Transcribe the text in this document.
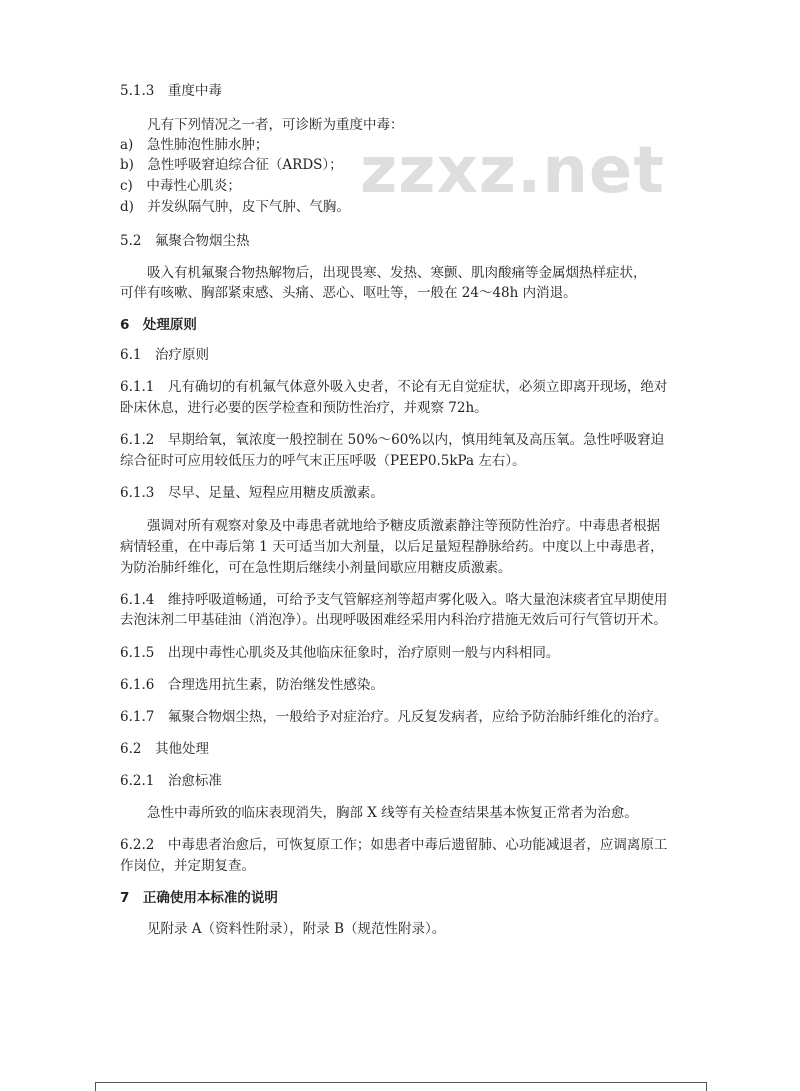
zzxz.net
5.1.3　重度中毒
凡有下列情况之一者，可诊断为重度中毒：
a)　急性肺泡性肺水肿；
b)　急性呼吸窘迫综合征（ARDS）；
c)　中毒性心肌炎；
d)　并发纵隔气肿，皮下气肿、气胸。
5.2　氟聚合物烟尘热
吸入有机氟聚合物热解物后，出现畏寒、发热、寒颤、肌肉酸痛等金属烟热样症状，
可伴有咳嗽、胸部紧束感、头痛、恶心、呕吐等，一般在 24～48h 内消退。
6　处理原则
6.1　治疗原则
6.1.1　凡有确切的有机氟气体意外吸入史者，不论有无自觉症状，必须立即离开现场，绝对
卧床休息，进行必要的医学检查和预防性治疗，并观察 72h。
6.1.2　早期给氧，氧浓度一般控制在 50%～60%以内，慎用纯氧及高压氧。急性呼吸窘迫
综合征时可应用较低压力的呼气末正压呼吸（PEEP0.5kPa 左右）。
6.1.3　尽早、足量、短程应用糖皮质激素。
强调对所有观察对象及中毒患者就地给予糖皮质激素静注等预防性治疗。中毒患者根据
病情轻重，在中毒后第 1 天可适当加大剂量，以后足量短程静脉给药。中度以上中毒患者，
为防治肺纤维化，可在急性期后继续小剂量间歇应用糖皮质激素。
6.1.4　维持呼吸道畅通，可给予支气管解痉剂等超声雾化吸入。咯大量泡沫痰者宜早期使用
去泡沫剂二甲基硅油（消泡净）。出现呼吸困难经采用内科治疗措施无效后可行气管切开术。
6.1.5　出现中毒性心肌炎及其他临床征象时，治疗原则一般与内科相同。
6.1.6　合理选用抗生素，防治继发性感染。
6.1.7　氟聚合物烟尘热，一般给予对症治疗。凡反复发病者，应给予防治肺纤维化的治疗。
6.2　其他处理
6.2.1　治愈标准
急性中毒所致的临床表现消失，胸部 X 线等有关检查结果基本恢复正常者为治愈。
6.2.2　中毒患者治愈后，可恢复原工作；如患者中毒后遗留肺、心功能减退者，应调离原工
作岗位，并定期复查。
7　正确使用本标准的说明
见附录 A（资料性附录），附录 B（规范性附录）。
